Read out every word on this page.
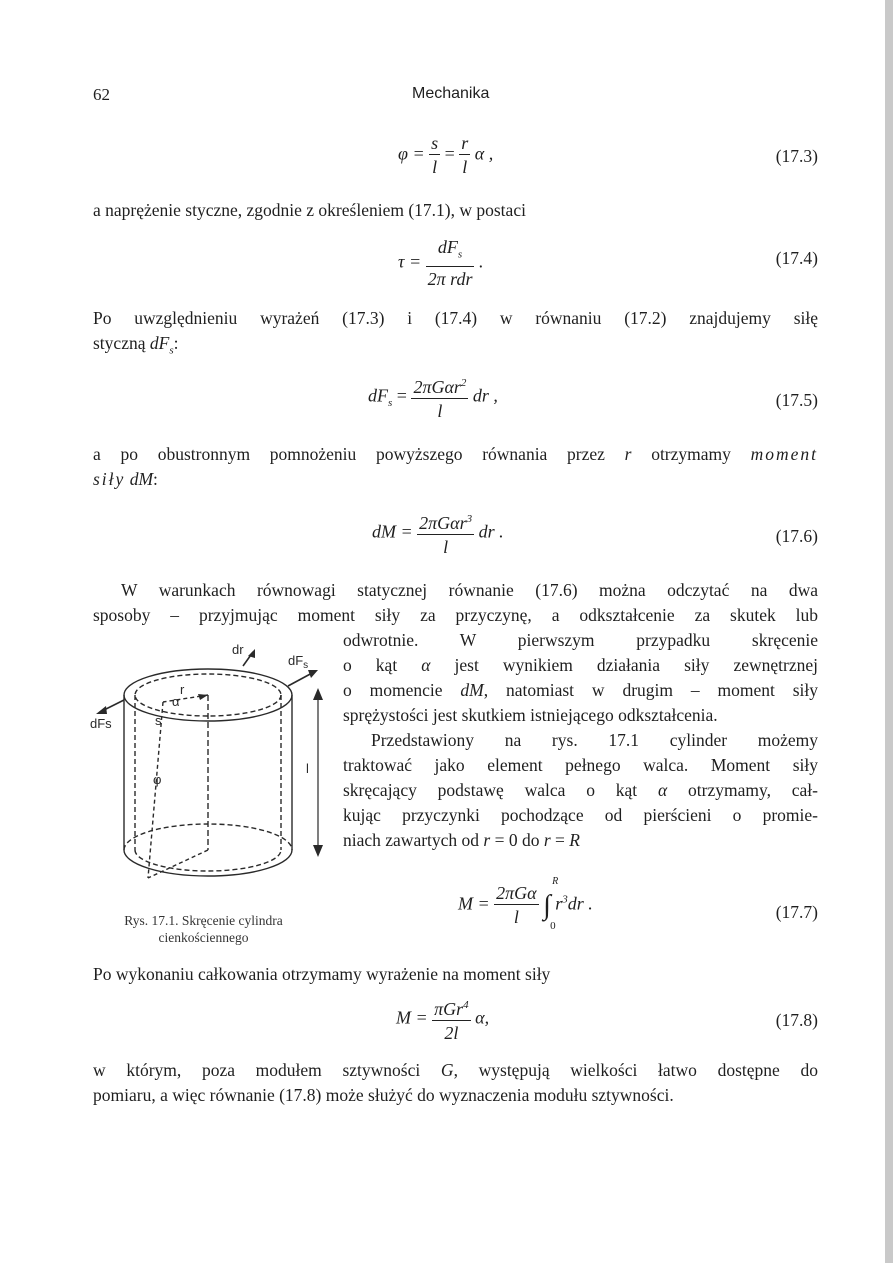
62	Mechanika
$\varphi = \frac{s}{l} = \frac{r}{l}$ α ,	(17.3)

a naprężenie styczne, zgodnie z określeniem (17.1), w postaci

$\tau = \frac{dF_s}{\text{2π rdr}}$ .	(17.4)

Po uwzględnieniu wyrażeń (17.3) i (17.4) w równaniu (17.2) znajdujemy siłę

styczną $dF_s$:

$dF_s = \frac{2\pi G\alpha r^2}{l}$ dr ,	(17.5)

a po obustronnym pomnożeniu powyższego równania przez r otrzymamy moment

siły dM:

dM = $\frac{2\pi G\alpha r^3}{l}$ dr .	(17.6)

W warunkach równowagi statycznej równanie (17.6) można odczytać na dwa

sposoby – przyjmując moment siły za przyczynę, a odkształcenie za skutek lub

dr
$dF_s$
dFs
r
α
s
φ
l
Rys. 17.1. Skręcenie cylindra
cienkościennego

odwrotnie. W pierwszym przypadku skręcenie

o kąt α jest wynikiem działania siły zewnętrznej

o momencie dM, natomiast w drugim – moment siły

sprężystości jest skutkiem istniejącego odkształcenia.

Przedstawiony na rys. 17.1 cylinder możemy

traktować jako element pełnego walca. Moment siły

skręcający podstawę walca o kąt α otrzymamy, cał-

kując przyczynki pochodzące od pierścieni o promie-

niach zawartych od r = 0 do r = R

$M = \frac{\text{2πGα}}{l}$ ∫
R
0
$r^3dr$ .	(17.7)

Po wykonaniu całkowania otrzymamy wyrażenie na moment siły

$M = \frac{\pi Gr^4}{2l} \alpha$,	(17.8)

w którym, poza modułem sztywności G, występują wielkości łatwo dostępne do

pomiaru, a więc równanie (17.8) może służyć do wyznaczenia modułu sztywności.
